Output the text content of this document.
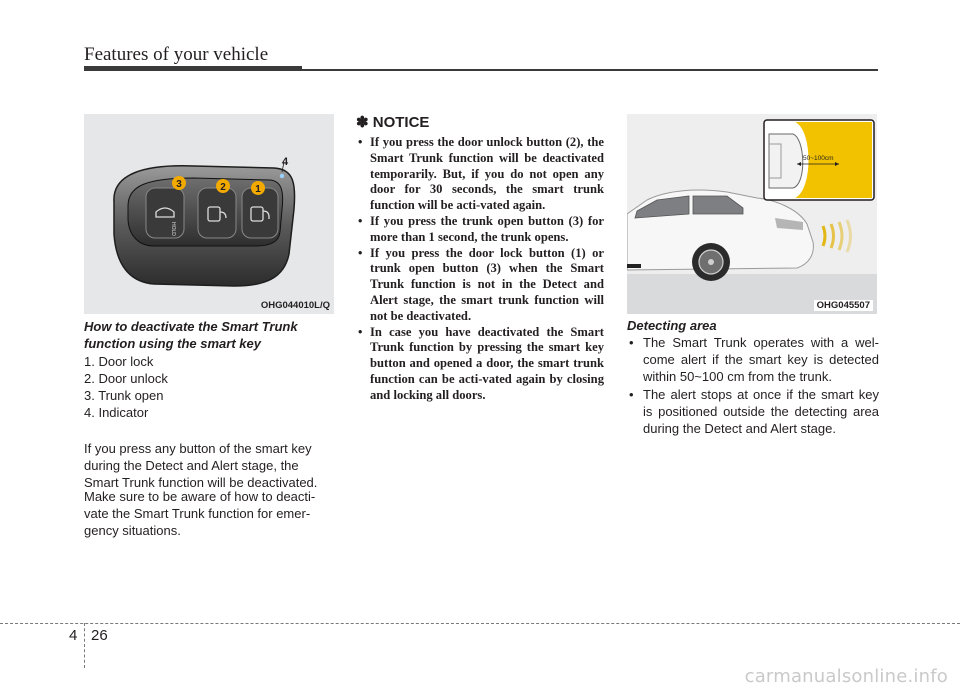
Features of your vehicle
HOLD
3	2	1
4
OHG044010L/Q
How to deactivate the Smart Trunk function using the smart key
1. Door lock
2. Door unlock
3. Trunk open
4. Indicator
If you press any button of the smart key during the Detect and Alert stage, the Smart Trunk function will be deactivated.
Make sure to be aware of how to deacti-vate the Smart Trunk function for emer-gency situations.
✽ NOTICE
• If you press the door unlock button (2), the Smart Trunk function will be deactivated temporarily. But, if you do not open any door for 30 seconds, the smart trunk function will be acti-vated again.
• If you press the trunk open button (3) for more than 1 second, the trunk opens.
• If you press the door lock button (1) or trunk open button (3) when the Smart Trunk function is not in the Detect and Alert stage, the smart trunk function will not be deactivated.
• In case you have deactivated the Smart Trunk function by pressing the smart key button and opened a door, the smart trunk function can be acti-vated again by closing and locking all doors.
50~100cm
OHG045507
Detecting area
• The Smart Trunk operates with a wel-come alert if the smart key is detected within 50~100 cm from the trunk.
• The alert stops at once if the smart key is positioned outside the detecting area during the Detect and Alert stage.
4 26
carmanualsonline.info
